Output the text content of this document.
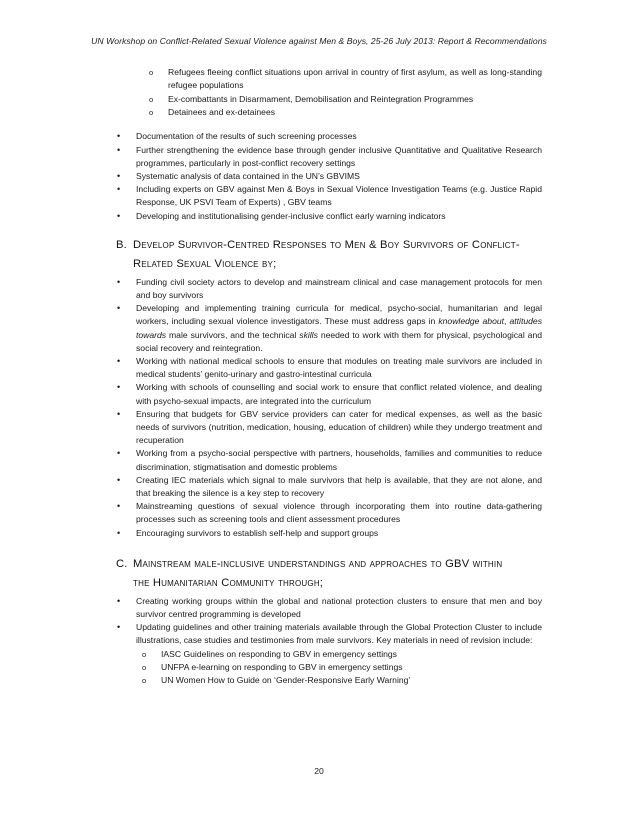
UN Workshop on Conflict-Related Sexual Violence against Men & Boys, 25-26 July 2013: Report & Recommendations
o Refugees fleeing conflict situations upon arrival in country of first asylum, as well as long-standing refugee populations
o Ex-combattants in Disarmament, Demobilisation and Reintegration Programmes
o Detainees and ex-detainees
• Documentation of the results of such screening processes
• Further strengthening the evidence base through gender inclusive Quantitative and Qualitative Research programmes, particularly in post-conflict recovery settings
• Systematic analysis of data contained in the UN’s GBVIMS
• Including experts on GBV against Men & Boys in Sexual Violence Investigation Teams (e.g. Justice Rapid Response, UK PSVI Team of Experts) , GBV teams
• Developing and institutionalising gender-inclusive conflict early warning indicators
B. Develop Survivor-Centred Responses to Men & Boy Survivors of Conflict-
Related Sexual Violence by;
• Funding civil society actors to develop and mainstream clinical and case management protocols for men and boy survivors
• Developing and implementing training curricula for medical, psycho-social, humanitarian and legal workers, including sexual violence investigators. These must address gaps in knowledge about, attitudes towards male survivors, and the technical skills needed to work with them for physical, psychological and social recovery and reintegration.
• Working with national medical schools to ensure that modules on treating male survivors are included in medical students’ genito-urinary and gastro-intestinal curricula
• Working with schools of counselling and social work to ensure that conflict related violence, and dealing with psycho-sexual impacts, are integrated into the curriculum
• Ensuring that budgets for GBV service providers can cater for medical expenses, as well as the basic needs of survivors (nutrition, medication, housing, education of children) while they undergo treatment and recuperation
• Working from a psycho-social perspective with partners, households, families and communities to reduce discrimination, stigmatisation and domestic problems
• Creating IEC materials which signal to male survivors that help is available, that they are not alone, and that breaking the silence is a key step to recovery
• Mainstreaming questions of sexual violence through incorporating them into routine data-gathering processes such as screening tools and client assessment procedures
• Encouraging survivors to establish self-help and support groups
C. Mainstream male-inclusive understandings and approaches to GBV within
the Humanitarian Community through;
• Creating working groups within the global and national protection clusters to ensure that men and boy survivor centred programming is developed
• Updating guidelines and other training materials available through the Global Protection Cluster to include illustrations, case studies and testimonies from male survivors. Key materials in need of revision include:
o IASC Guidelines on responding to GBV in emergency settings
o UNFPA e-learning on responding to GBV in emergency settings
o UN Women How to Guide on ‘Gender-Responsive Early Warning’
20
